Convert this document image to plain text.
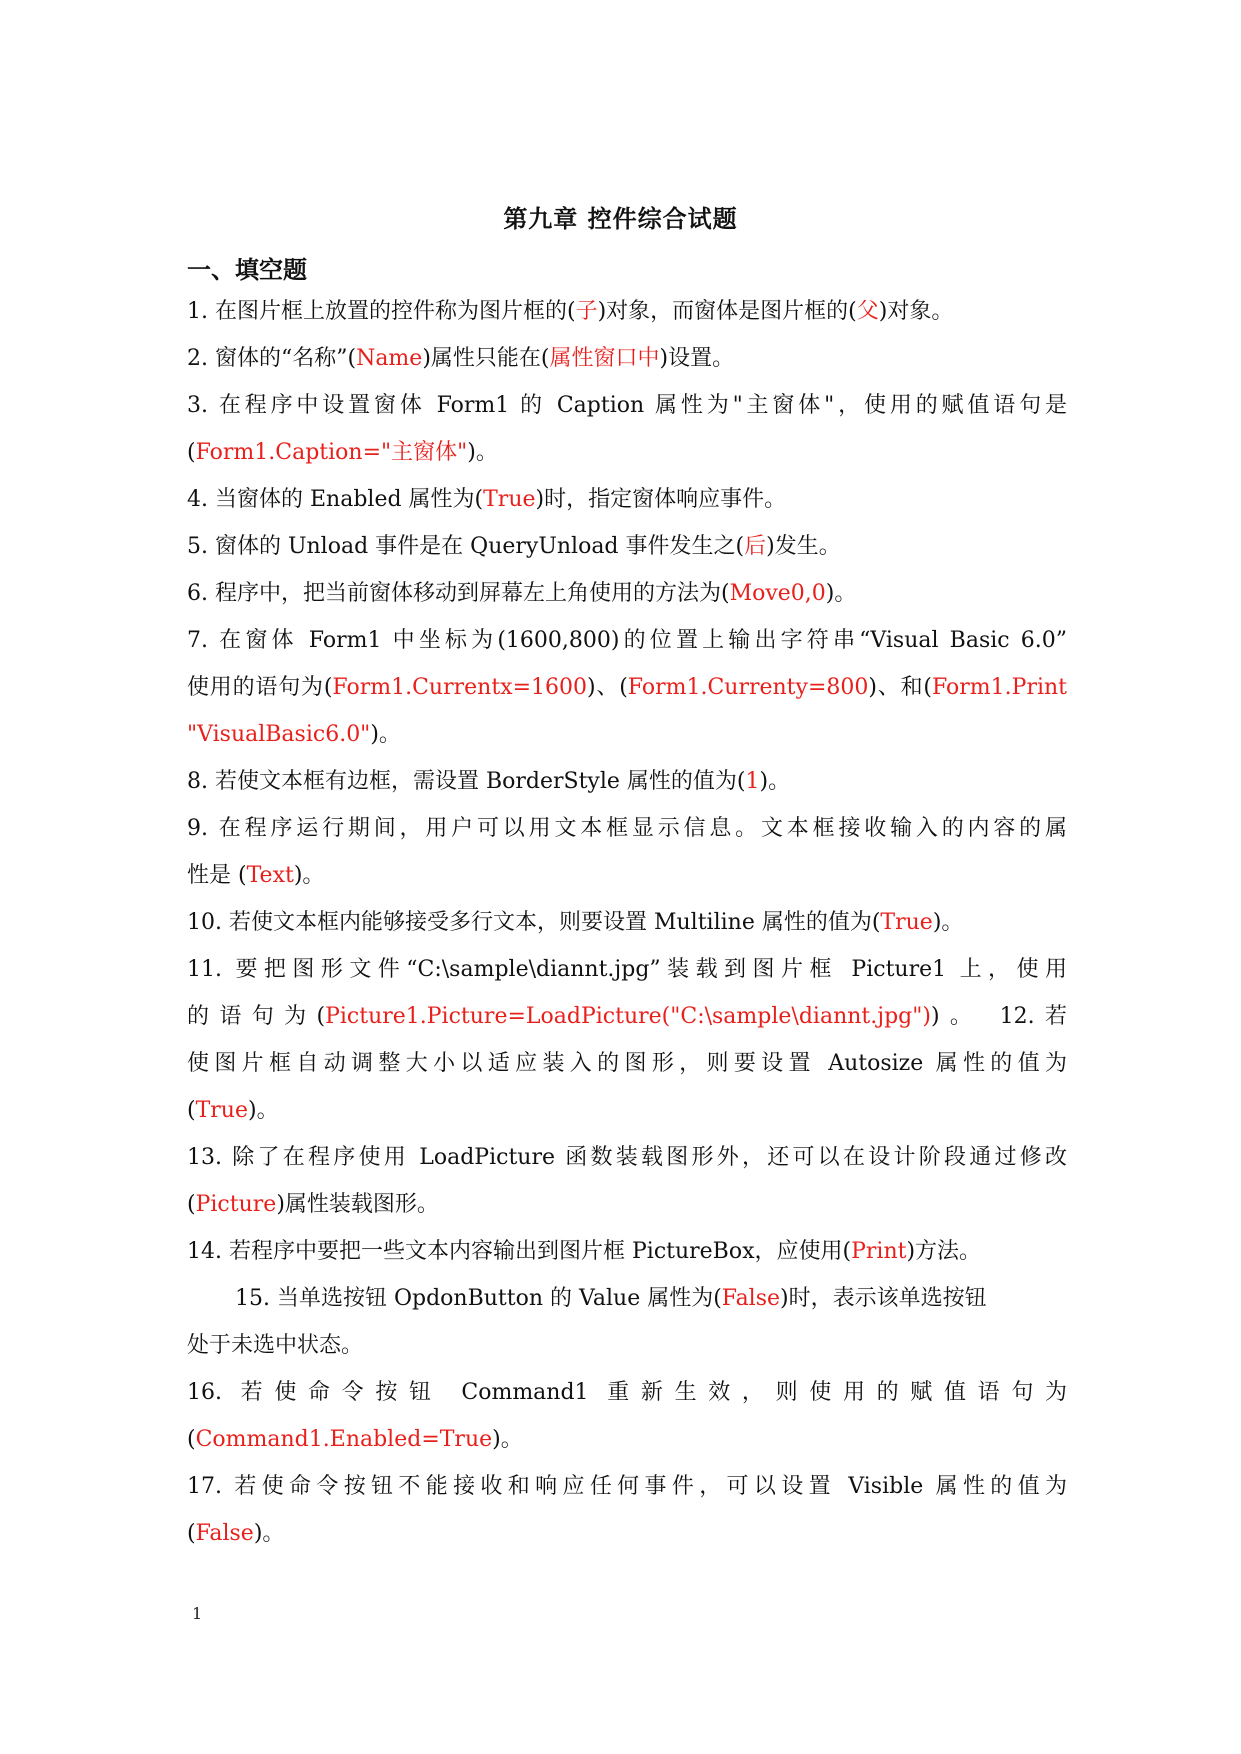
第九章 控件综合试题
一、填空题
1. 在图片框上放置的控件称为图片框的(子)对象，而窗体是图片框的(父)对象。
2. 窗体的“名称”(Name)属性只能在(属性窗口中)设置。
3. 在程序中设置窗体 Form1 的 Caption 属性为"主窗体"，使用的赋值语句是
(Form1.Caption="主窗体")。
4. 当窗体的 Enabled 属性为(True)时，指定窗体响应事件。
5. 窗体的 Unload 事件是在 QueryUnload 事件发生之(后)发生。
6. 程序中，把当前窗体移动到屏幕左上角使用的方法为(Move0,0)。
7. 在窗体 Form1 中坐标为(1600,800)的位置上输出字符串“Visual Basic 6.0”
使用的语句为(Form1.Currentx=1600)、(Form1.Currenty=800)、和(Form1.Print
"VisualBasic6.0")。
8. 若使文本框有边框，需设置 BorderStyle 属性的值为(1)。
9. 在程序运行期间，用户可以用文本框显示信息。文本框接收输入的内容的属
性是 (Text)。
10. 若使文本框内能够接受多行文本，则要设置 Multiline 属性的值为(True)。
11. 要把图形文件“C:\sample\diannt.jpg”装载到图片框 Picture1 上，使用
的语句为(Picture1.Picture=LoadPicture("C:\sample\diannt.jpg"))。 12.若
使图片框自动调整大小以适应装入的图形，则要设置 Autosize 属性的值为
(True)。
13. 除了在程序使用 LoadPicture 函数装载图形外，还可以在设计阶段通过修改
(Picture)属性装载图形。
14. 若程序中要把一些文本内容输出到图片框 PictureBox，应使用(Print)方法。
15. 当单选按钮 OpdonButton 的 Value 属性为(False)时，表示该单选按钮
处于未选中状态。
16. 若使命令按钮 Command1 重新生效，则使用的赋值语句为
(Command1.Enabled=True)。
17. 若使命令按钮不能接收和响应任何事件，可以设置 Visible 属性的值为
(False)。
1
